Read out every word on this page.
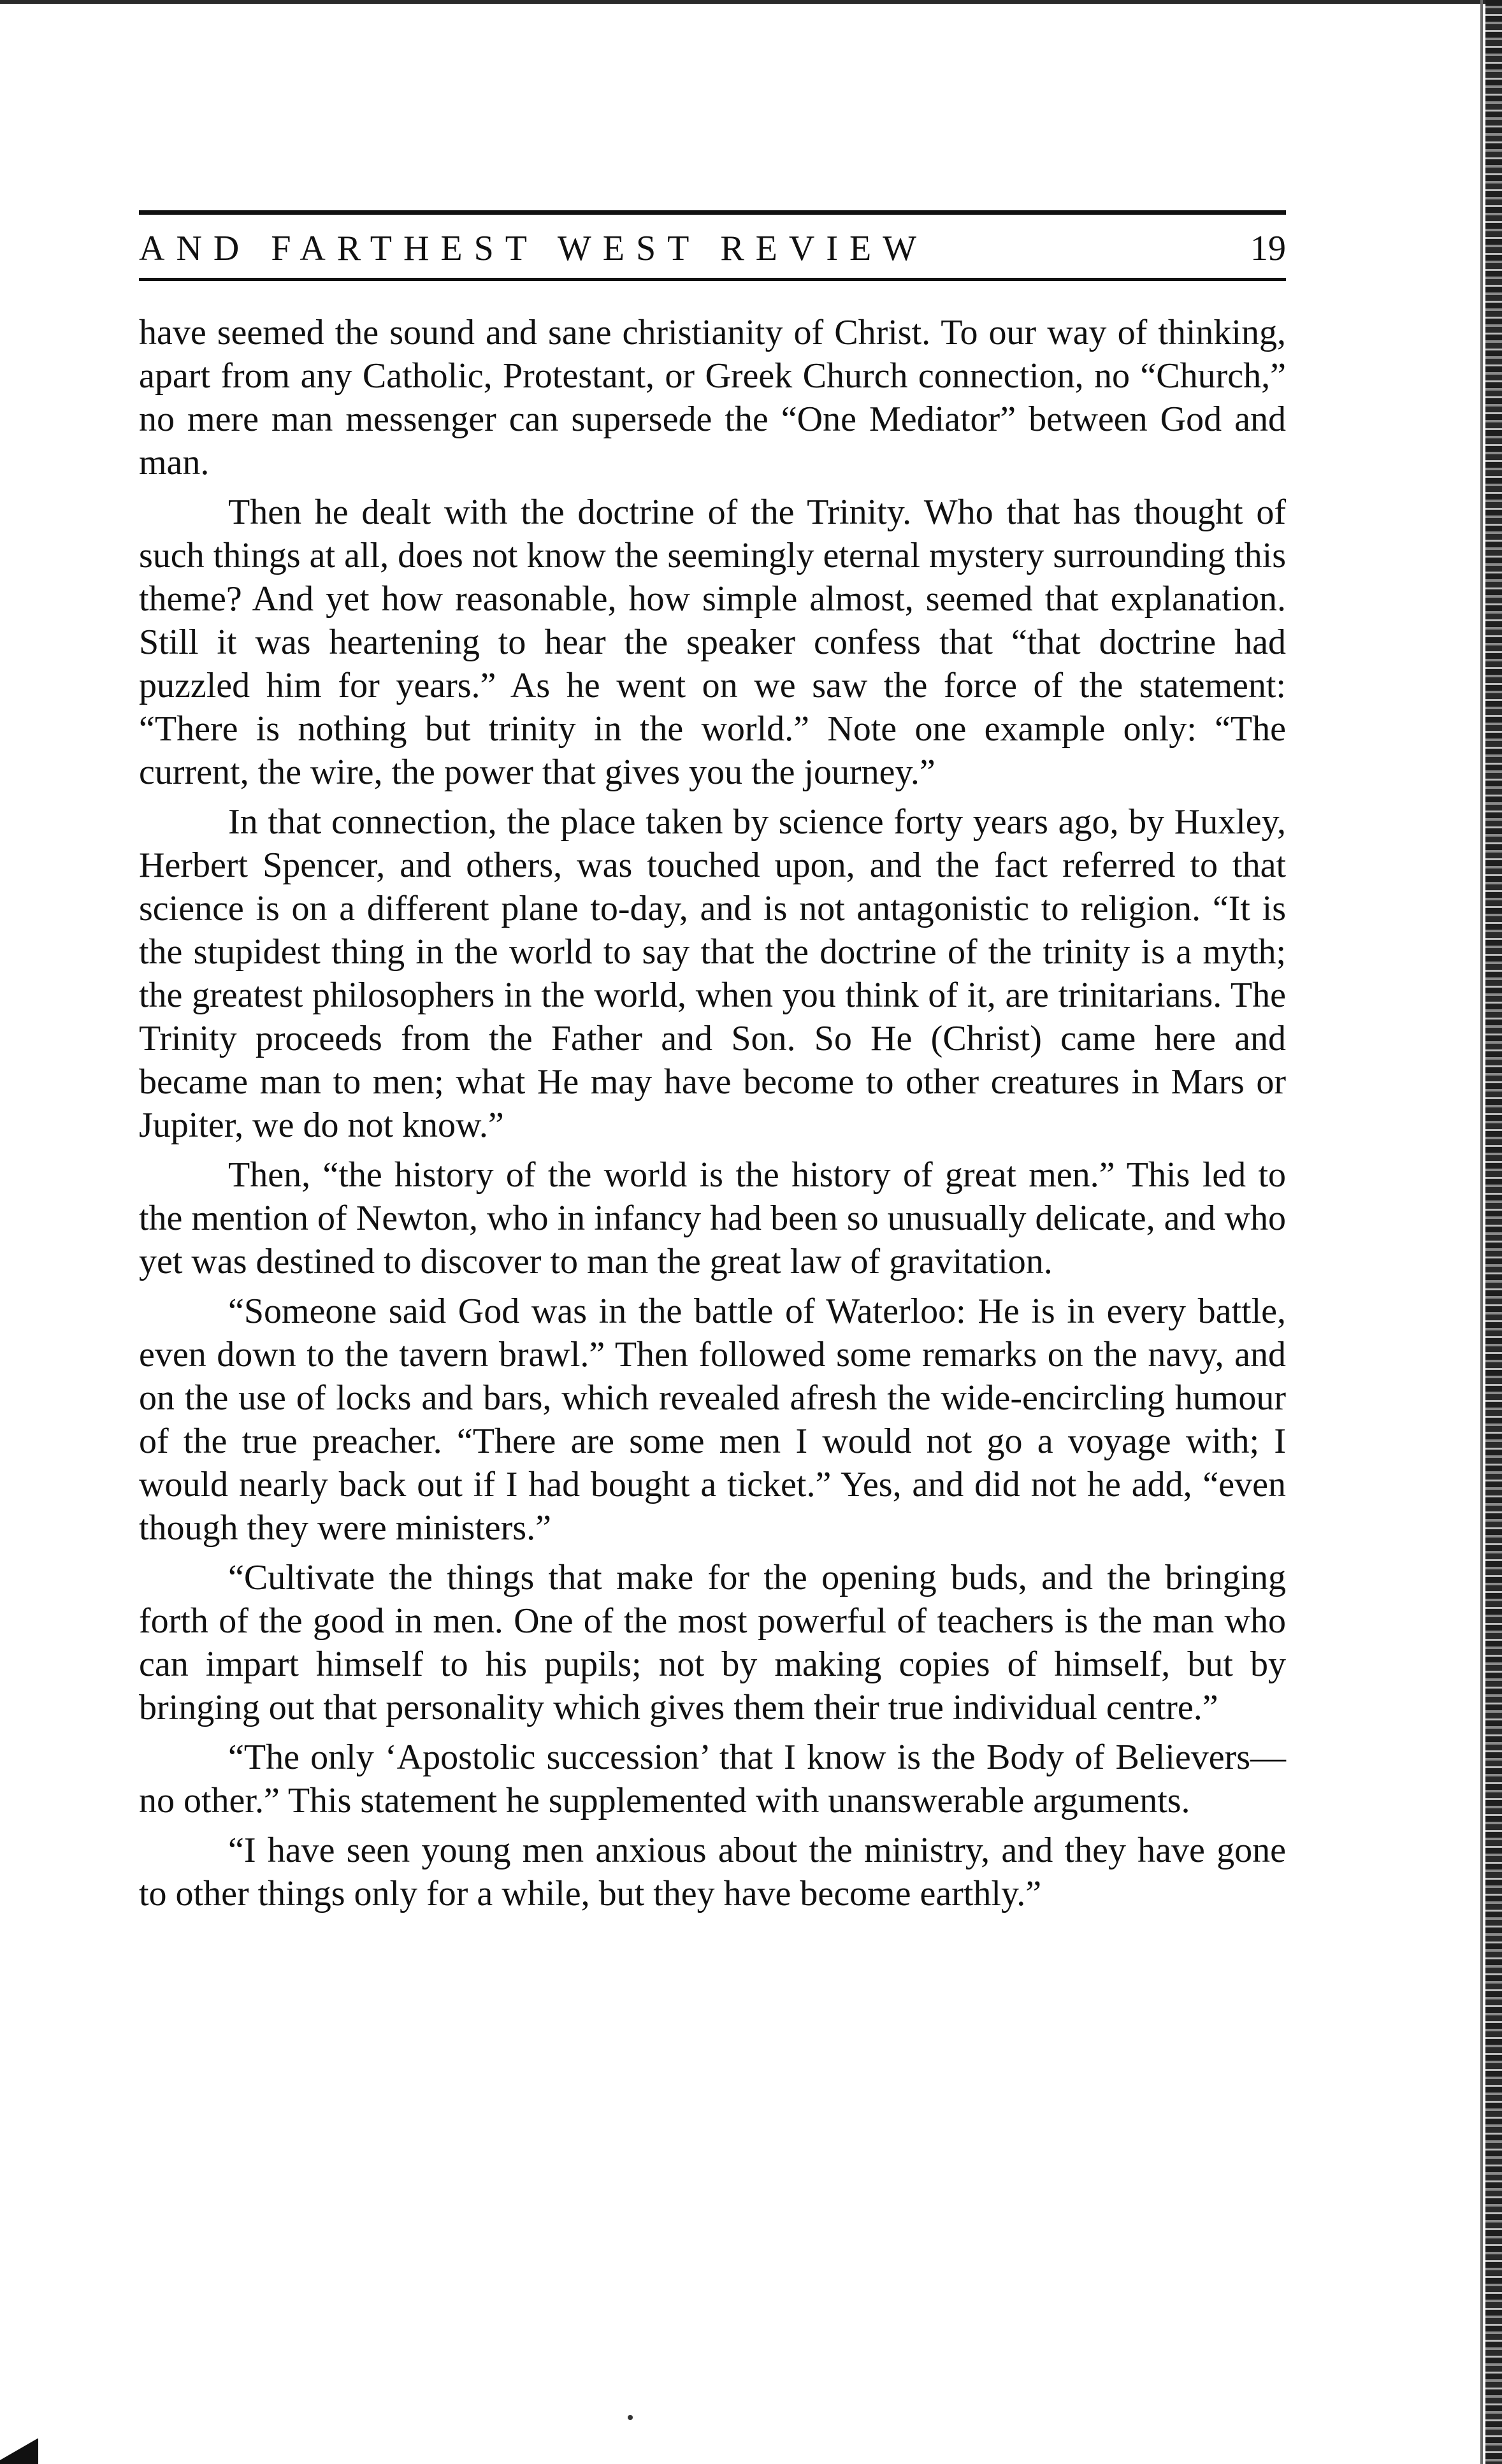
AND FARTHEST WEST REVIEW	19

have seemed the sound and sane christianity of Christ. To our way of thinking, apart from any Catholic, Protestant, or Greek Church connection, no “Church,” no mere man messenger can supersede the “One Mediator” between God and man.

Then he dealt with the doctrine of the Trinity. Who that has thought of such things at all, does not know the seemingly eternal mystery surrounding this theme? And yet how reasonable, how simple almost, seemed that explanation. Still it was heartening to hear the speaker confess that “that doctrine had puzzled him for years.” As he went on we saw the force of the statement: “There is nothing but trinity in the world.” Note one example only: “The current, the wire, the power that gives you the journey.”

In that connection, the place taken by science forty years ago, by Huxley, Herbert Spencer, and others, was touched upon, and the fact referred to that science is on a different plane to-day, and is not antagonistic to religion. “It is the stupidest thing in the world to say that the doctrine of the trinity is a myth; the greatest philosophers in the world, when you think of it, are trinitarians. The Trinity proceeds from the Father and Son. So He (Christ) came here and became man to men; what He may have become to other creatures in Mars or Jupiter, we do not know.”

Then, “the history of the world is the history of great men.” This led to the mention of Newton, who in infancy had been so unusually delicate, and who yet was destined to discover to man the great law of gravitation.

“Someone said God was in the battle of Waterloo: He is in every battle, even down to the tavern brawl.” Then followed some remarks on the navy, and on the use of locks and bars, which revealed afresh the wide-encircling humour of the true preacher. “There are some men I would not go a voyage with; I would nearly back out if I had bought a ticket.” Yes, and did not he add, “even though they were ministers.”

“Cultivate the things that make for the opening buds, and the bringing forth of the good in men. One of the most powerful of teachers is the man who can impart himself to his pupils; not by making copies of himself, but by bringing out that personality which gives them their true individual centre.”

“The only ‘Apostolic succession’ that I know is the Body of Believers—no other.” This statement he supplemented with unanswerable arguments.

“I have seen young men anxious about the ministry, and they have gone to other things only for a while, but they have become earthly.”
